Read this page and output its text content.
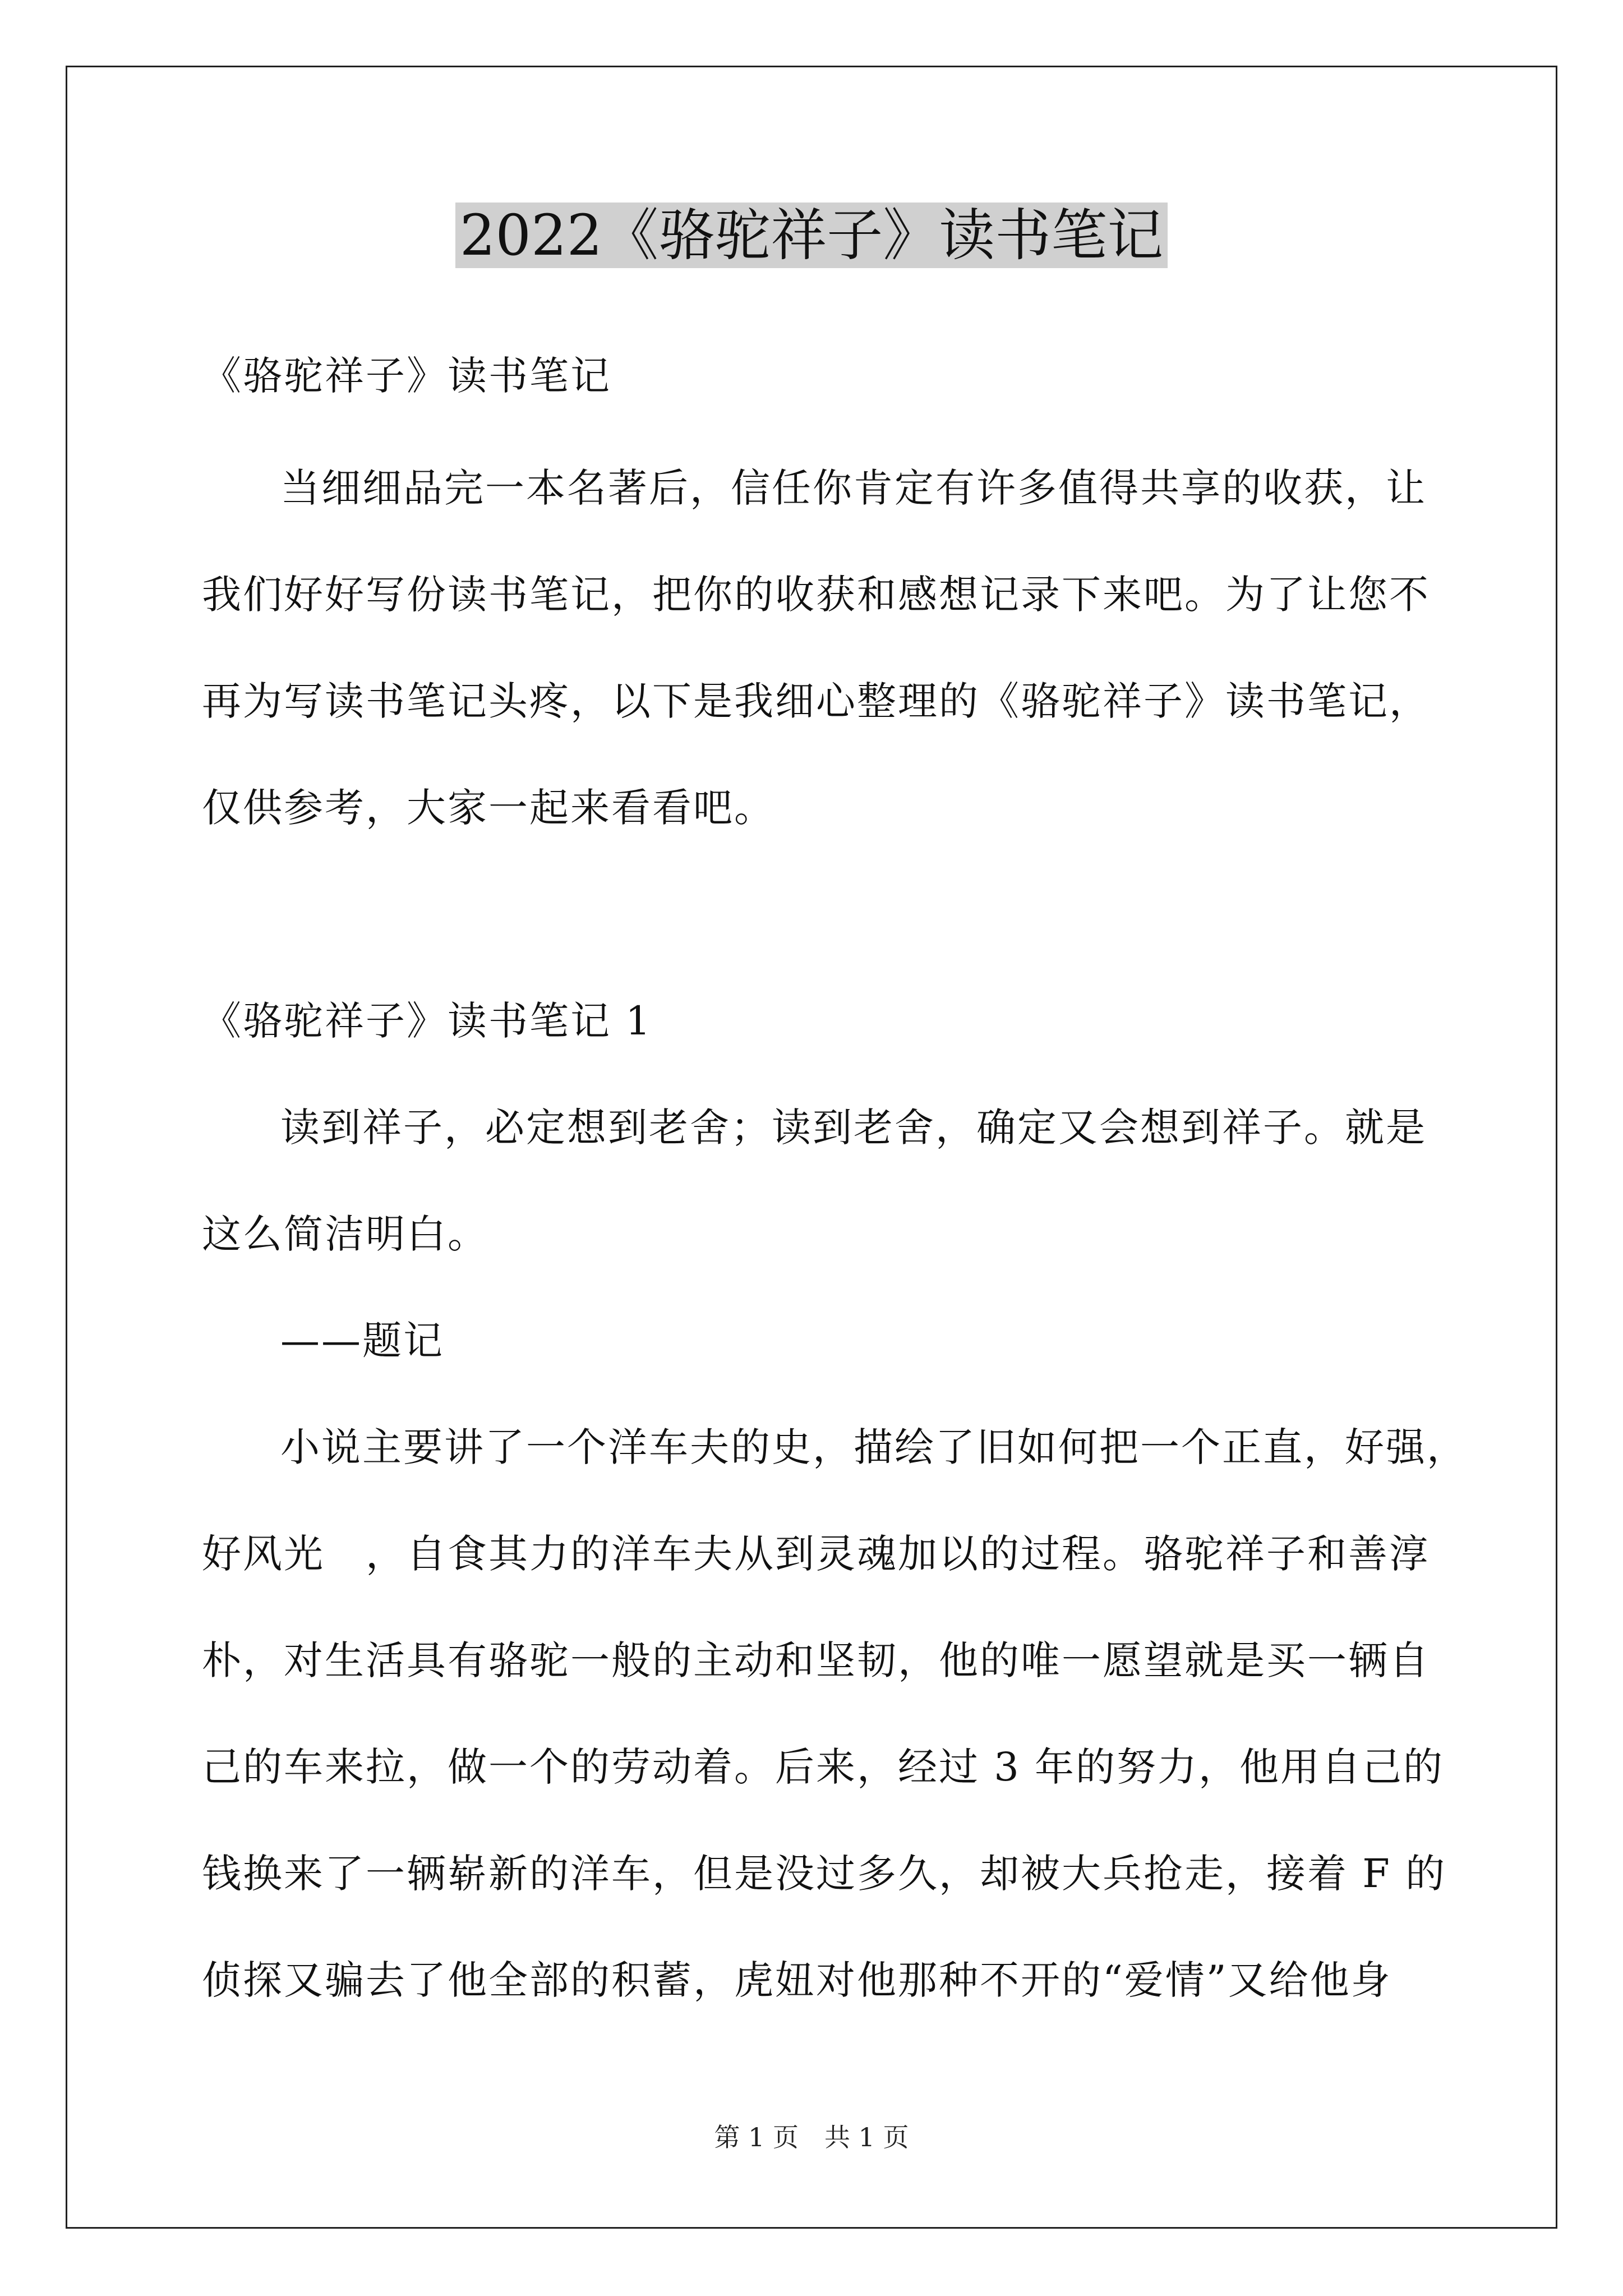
2022《骆驼祥子》读书笔记
《骆驼祥子》读书笔记
当细细品完一本名著后，信任你肯定有许多值得共享的收获，让
我们好好写份读书笔记，把你的收获和感想记录下来吧。为了让您不
再为写读书笔记头疼，以下是我细心整理的《骆驼祥子》读书笔记，
仅供参考，大家一起来看看吧。
《骆驼祥子》读书笔记 1
读到祥子，必定想到老舍；读到老舍，确定又会想到祥子。就是
这么简洁明白。
——题记
小说主要讲了一个洋车夫的史，描绘了旧如何把一个正直，好强，
好风光　，自食其力的洋车夫从到灵魂加以的过程。骆驼祥子和善淳
朴，对生活具有骆驼一般的主动和坚韧，他的唯一愿望就是买一辆自
己的车来拉，做一个的劳动着。后来，经过 3 年的努力，他用自己的
钱换来了一辆崭新的洋车，但是没过多久，却被大兵抢走，接着 F 的
侦探又骗去了他全部的积蓄，虎妞对他那种不开的“爱情”又给他身
第 1 页　共 1 页
